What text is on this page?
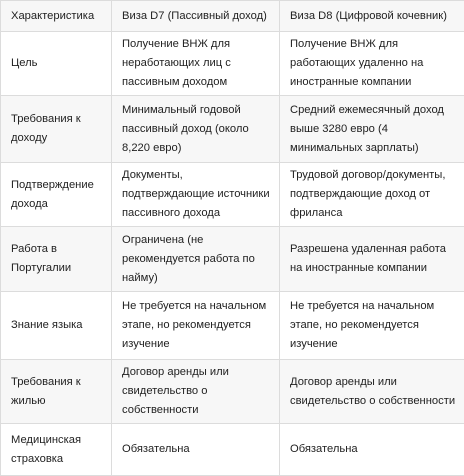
Характеристика	Виза D7 (Пассивный доход)	Виза D8 (Цифровой кочевник)
Цель	Получение ВНЖ для неработающих лиц с пассивным доходом	Получение ВНЖ для работающих удаленно на иностранные компании
Требования к доходу	Минимальный годовой пассивный доход (около 8,220 евро)	Средний ежемесячный доход выше 3280 евро (4 минимальных зарплаты)
Подтверждение дохода	Документы, подтверждающие источники пассивного дохода	Трудовой договор/документы, подтверждающие доход от фриланса
Работа в Португалии	Ограничена (не рекомендуется работа по найму)	Разрешена удаленная работа на иностранные компании
Знание языка	Не требуется на начальном этапе, но рекомендуется изучение	Не требуется на начальном этапе, но рекомендуется изучение
Требования к жилью	Договор аренды или свидетельство о собственности	Договор аренды или свидетельство о собственности
Медицинская страховка	Обязательна	Обязательна
